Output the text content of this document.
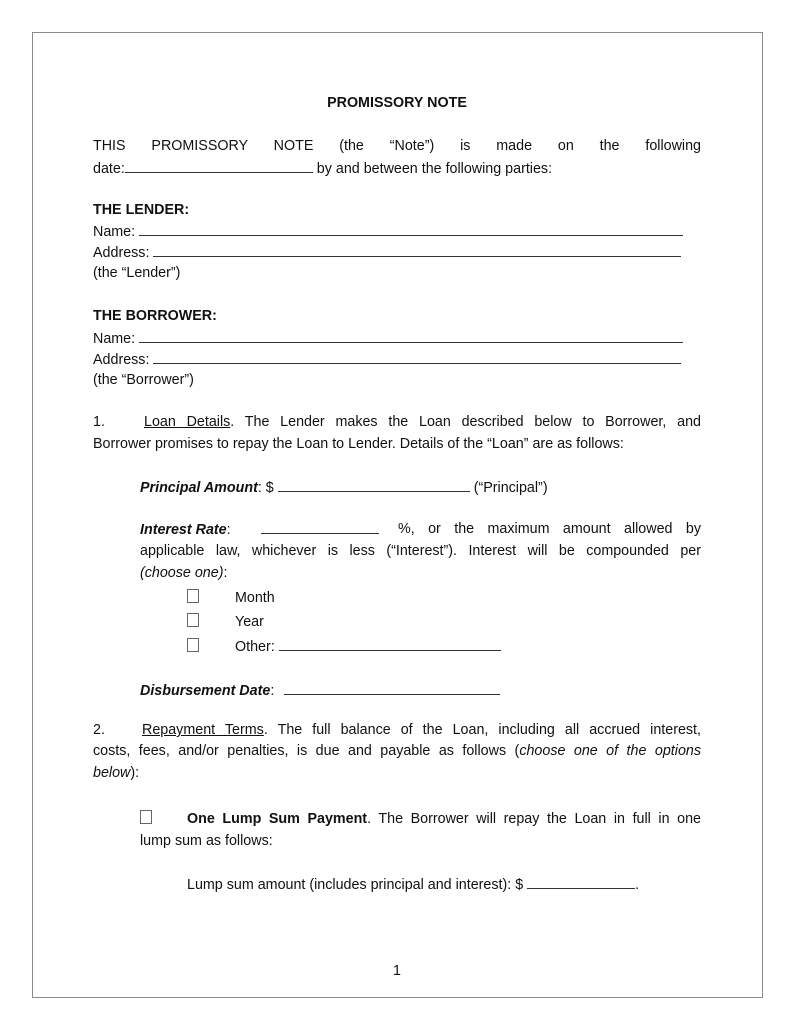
PROMISSORY NOTE
THIS PROMISSORY NOTE (the “Note”) is made on the following
date:	by and between the following parties:
THE LENDER:
Name:
Address:
(the “Lender”)
THE BORROWER:
Name:
Address:
(the “Borrower”)
1.	Loan Details. The Lender makes the Loan described below to Borrower, and
Borrower promises to repay the Loan to Lender. Details of the “Loan” are as follows:
Principal Amount: $	(“Principal”)
Interest Rate:	%, or the maximum amount allowed by
applicable law, whichever is less (“Interest”). Interest will be compounded per
(choose one):
Month
Year
Other:
Disbursement Date:
2.	Repayment Terms. The full balance of the Loan, including all accrued interest,
costs, fees, and/or penalties, is due and payable as follows (choose one of the options
below):
One Lump Sum Payment. The Borrower will repay the Loan in full in one
lump sum as follows:
Lump sum amount (includes principal and interest): $	.
1
